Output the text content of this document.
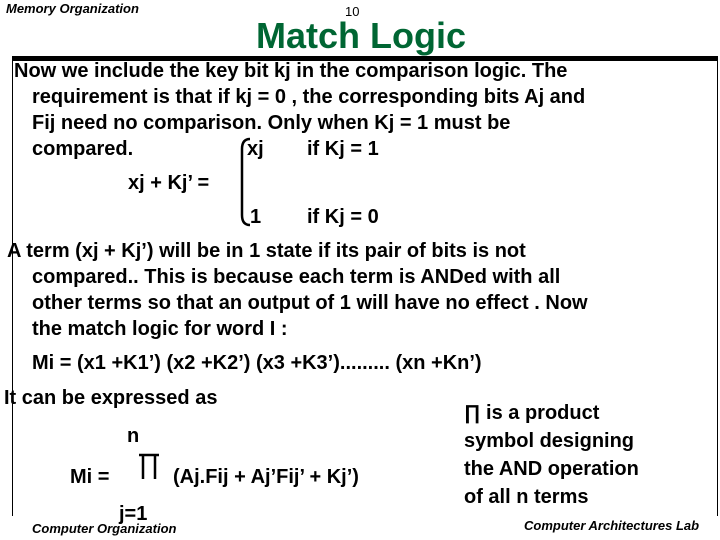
Memory Organization	10
Match Logic
Now we include the key bit kj in the comparison logic. The
requirement is that if kj = 0 , the corresponding bits Aj and
Fij need no comparison. Only when Kj = 1 must be
compared.	xj if Kj = 1
xj + Kj’ =
1 if Kj = 0
A term (xj + Kj’) will be in 1 state if its pair of bits is not
compared.. This is because each term is ANDed with all
other terms so that an output of 1 will have no effect . Now
the match logic for word I :
Mi = (x1 +K1’) (x2 +K2’) (x3 +K3’)......... (xn +Kn’)
It can be expressed as
n
Mi =	(Aj.Fij + Aj’Fij’ + Kj’)
j=1
∏ is a product
symbol designing
the AND operation
of all n terms
Computer Organization	Computer Architectures Lab
